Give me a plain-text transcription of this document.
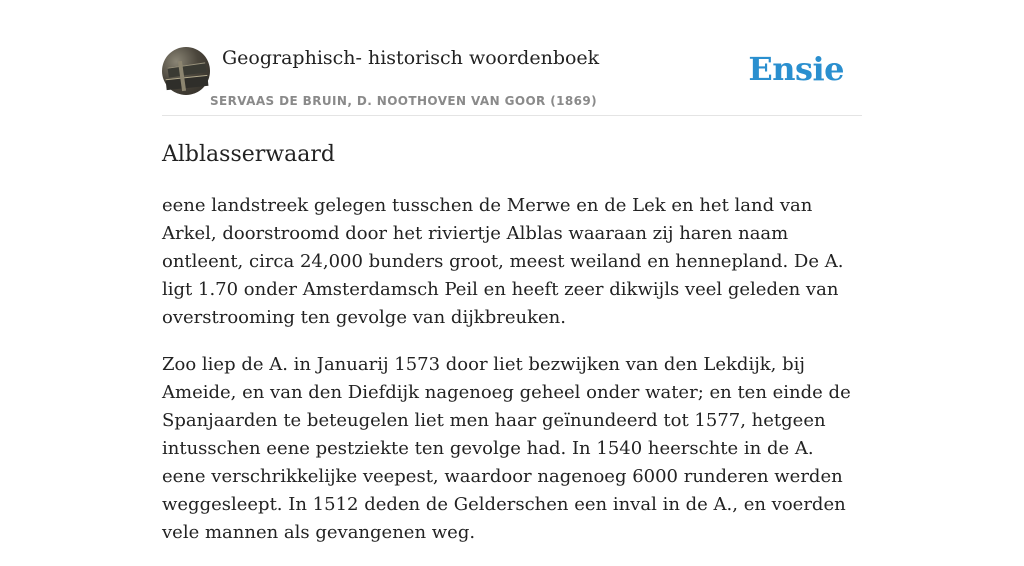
Geographisch- historisch woordenboek
SERVAAS DE BRUIN, D. NOOTHOVEN VAN GOOR (1869)
Ensie
Alblasserwaard

eene landstreek gelegen tusschen de Merwe en de Lek en het land van Arkel, doorstroomd door het riviertje Alblas waaraan zij haren naam ontleent, circa 24,000 bunders groot, meest weiland en hennepland. De A. ligt 1.70 onder Amsterdamsch Peil en heeft zeer dikwijls veel geleden van overstrooming ten gevolge van dijkbreuken.

Zoo liep de A. in Januarij 1573 door liet bezwijken van den Lekdijk, bij Ameide, en van den Diefdijk nagenoeg geheel onder water; en ten einde de Spanjaarden te beteugelen liet men haar geïnundeerd tot 1577, hetgeen intusschen eene pestziekte ten gevolge had. In 1540 heerschte in de A. eene verschrikkelijke veepest, waardoor nagenoeg 6000 runderen werden weggesleept. In 1512 deden de Gelderschen een inval in de A., en voerden vele mannen als gevangenen weg.
